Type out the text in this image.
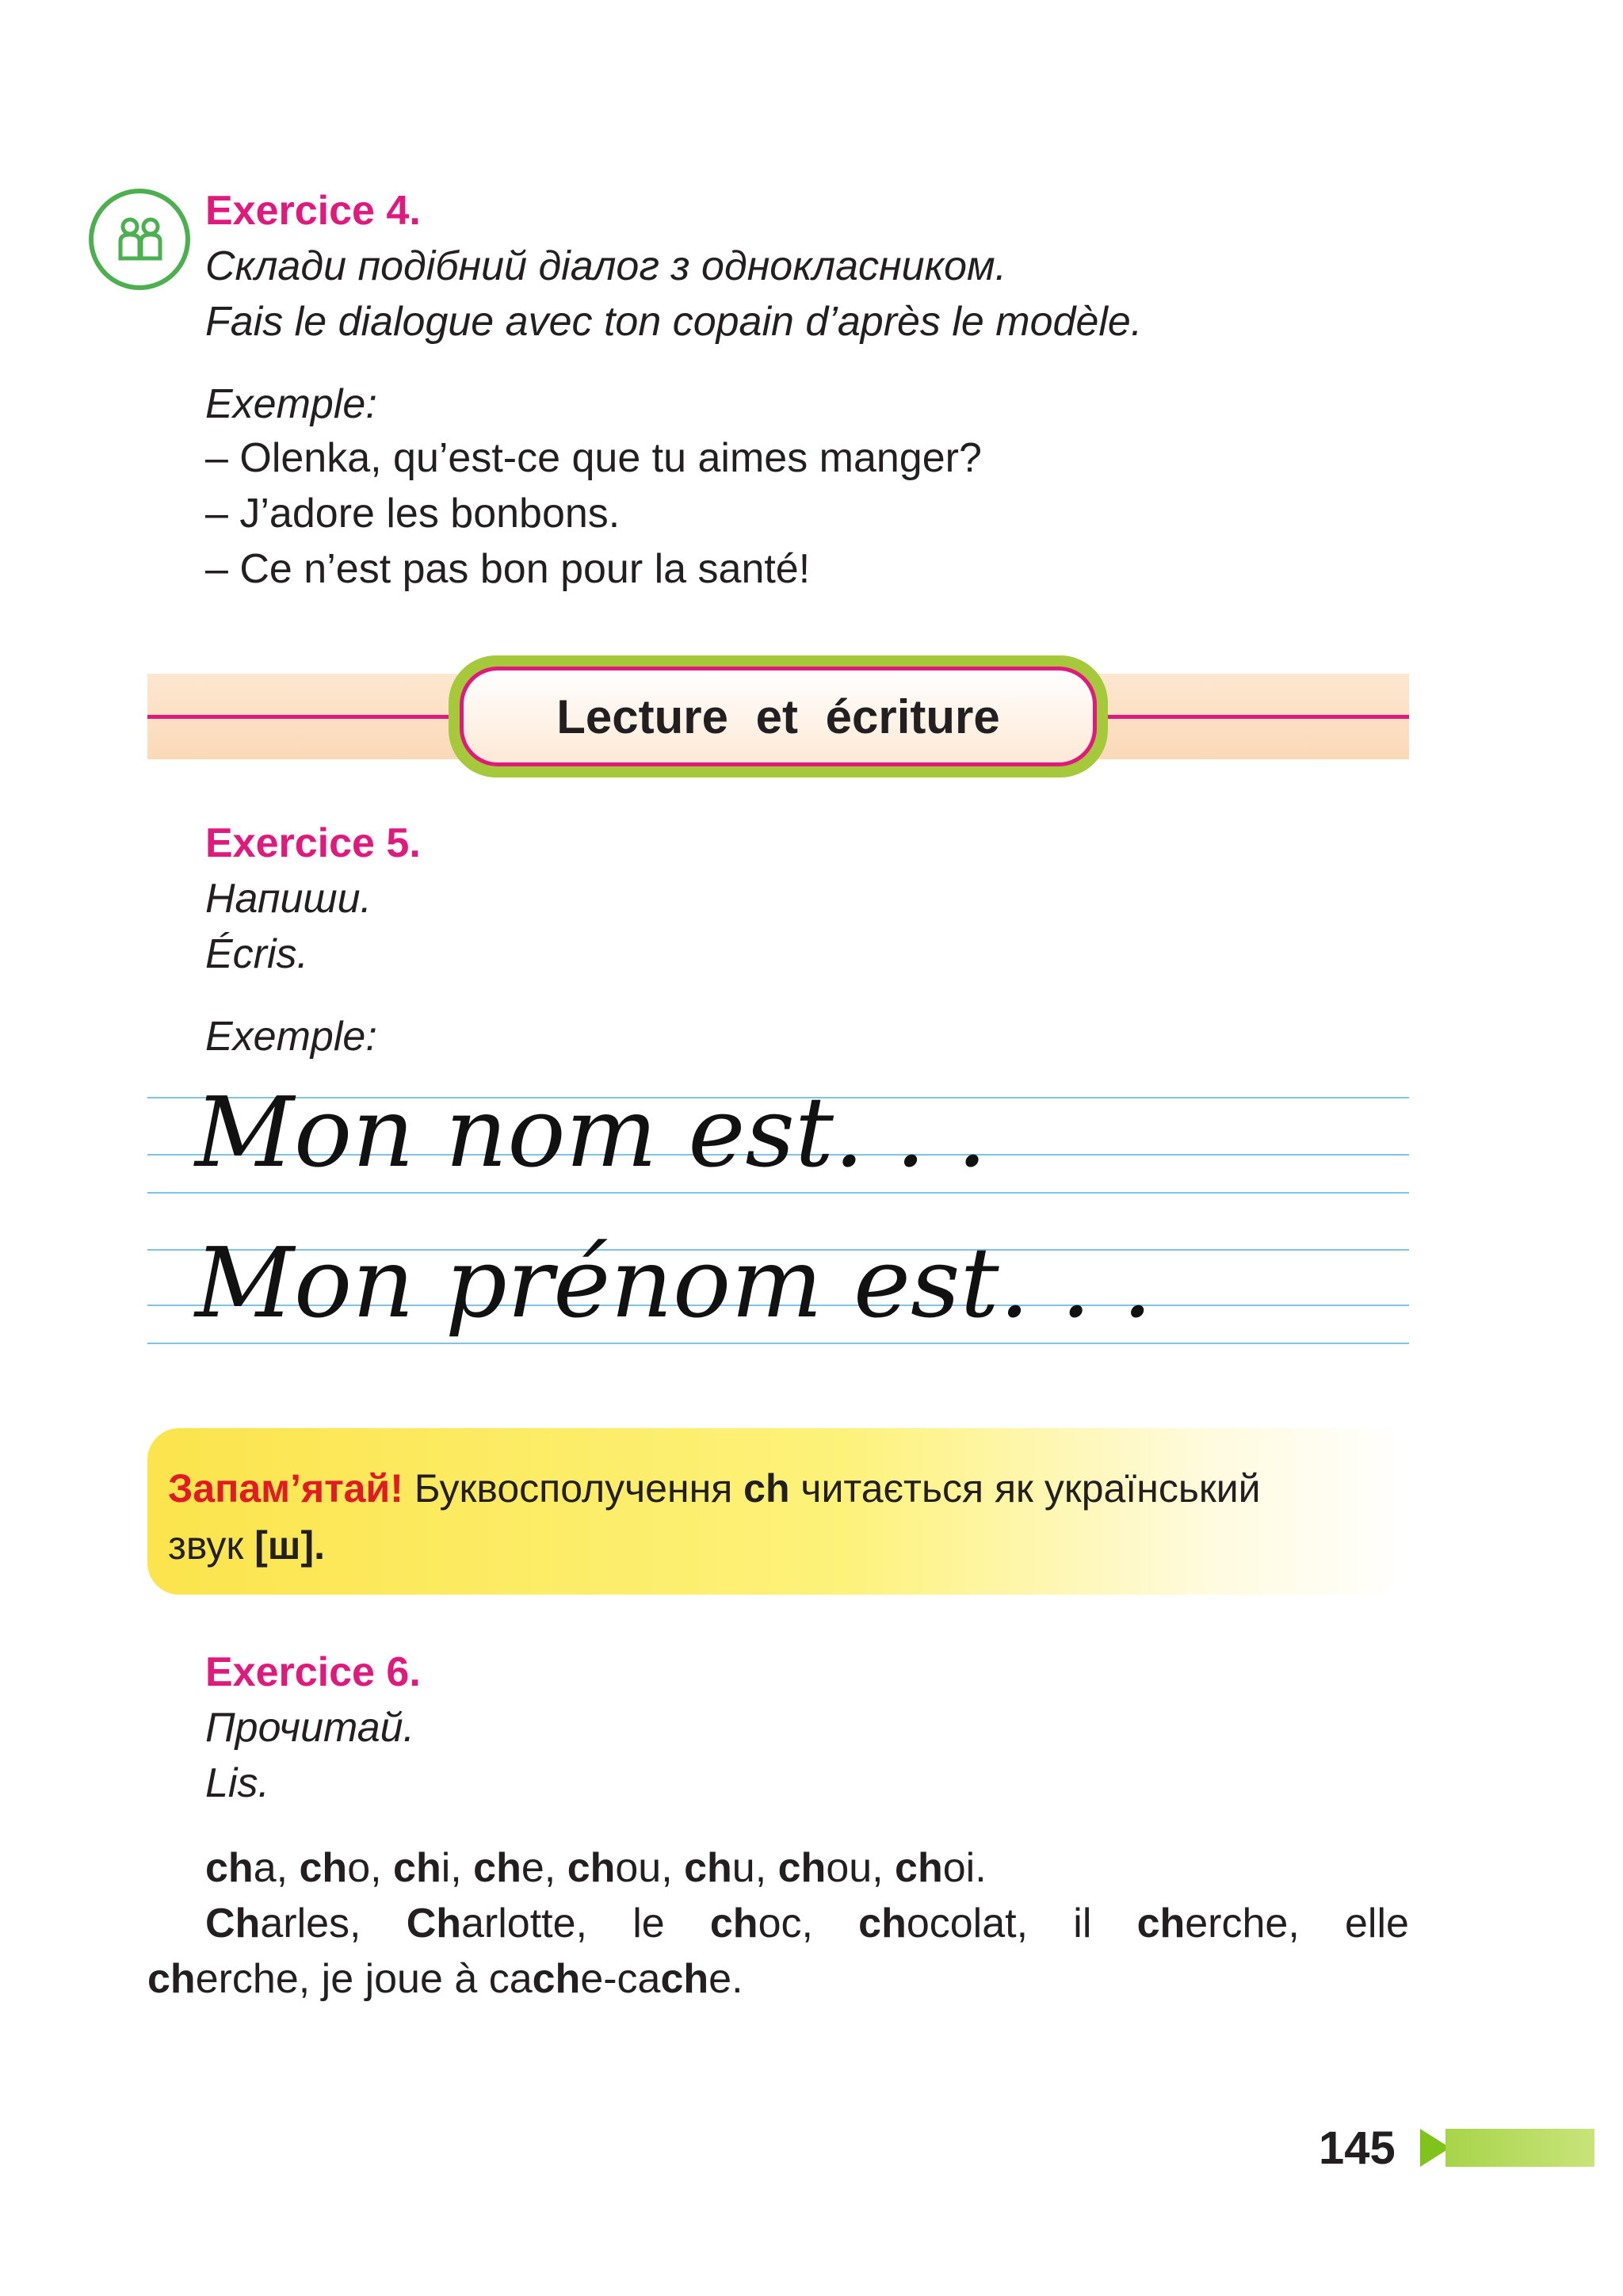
Exercice 4.
Склади подібний діалог з однокласником.
Fais le dialogue avec ton copain d’après le modèle.
Exemple:
– Olenka, qu’est-ce que tu aimes manger?
– J’adore les bonbons.
– Ce n’est pas bon pour la santé!
Lecture et écriture
Exercice 5.
Напиши.
Écris.
Exemple:
Mon nom est. . .
Mon prénom est. . .
Запам’ятай! Буквосполучення ch читається як український
звук [ш].
Exercice 6.
Прочитай.
Lis.
cha, cho, chi, che, chou, chu, chou, choi.
Charles, Charlotte, le choc, chocolat, il cherche, elle
cherche, je joue à cache-cache.
145
